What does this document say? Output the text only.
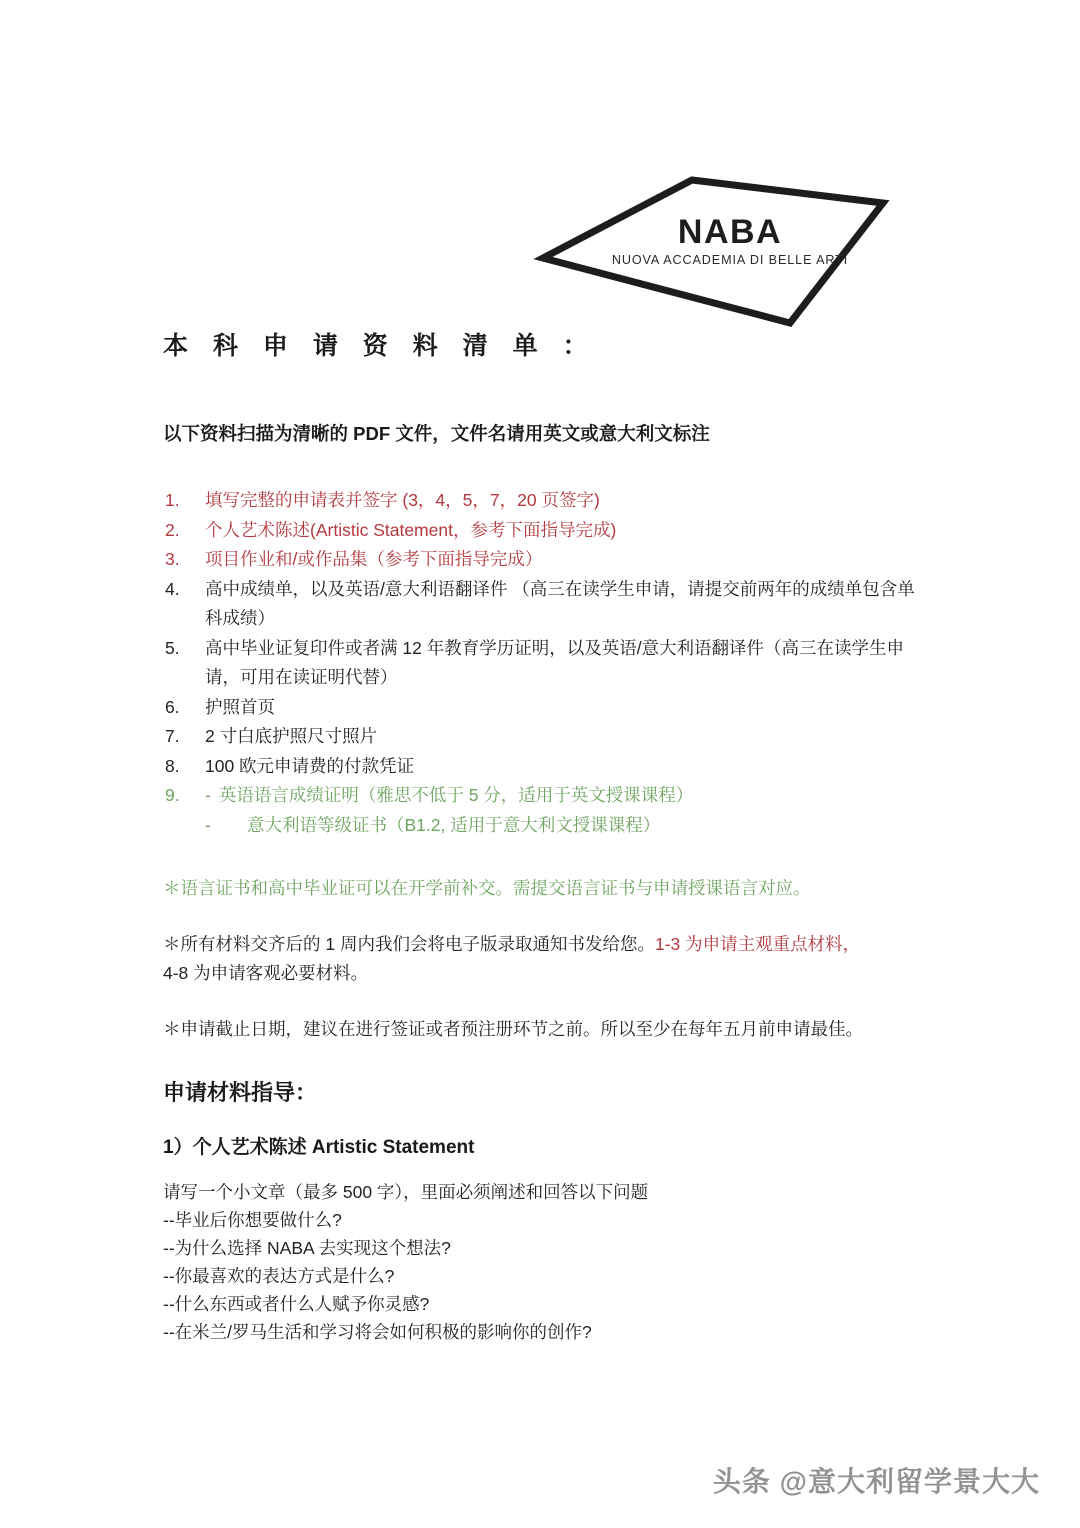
NABA
NUOVA ACCADEMIA DI BELLE ARTI
本 科 申 请 资 料 清 单 ：
以下资料扫描为清晰的 PDF 文件，文件名请用英文或意大利文标注
1.	填写完整的申请表并签字 (3，4，5，7，20 页签字)
2.	个人艺术陈述(Artistic Statement，参考下面指导完成)
3.	项目作业和/或作品集（参考下面指导完成）
4.	高中成绩单，以及英语/意大利语翻译件 （高三在读学生申请，请提交前两年的成绩单包含单科成绩）
5.	高中毕业证复印件或者满 12 年教育学历证明，以及英语/意大利语翻译件（高三在读学生申请，可用在读证明代替）
6.	护照首页
7.	2 寸白底护照尺寸照片
8.	100 欧元申请费的付款凭证
9.	- 英语语言成绩证明（雅思不低于 5 分，适用于英文授课课程）
- 意大利语等级证书（B1.2, 适用于意大利文授课课程）
＊语言证书和高中毕业证可以在开学前补交。需提交语言证书与申请授课语言对应。
＊所有材料交齐后的 1 周内我们会将电子版录取通知书发给您。1-3 为申请主观重点材料，
4-8 为申请客观必要材料。
＊申请截止日期，建议在进行签证或者预注册环节之前。所以至少在每年五月前申请最佳。
申请材料指导：
1）个人艺术陈述 Artistic Statement
请写一个小文章（最多 500 字），里面必须阐述和回答以下问题
--毕业后你想要做什么?
--为什么选择 NABA 去实现这个想法?
--你最喜欢的表达方式是什么?
--什么东西或者什么人赋予你灵感?
--在米兰/罗马生活和学习将会如何积极的影响你的创作?
头条 @意大利留学景大大
